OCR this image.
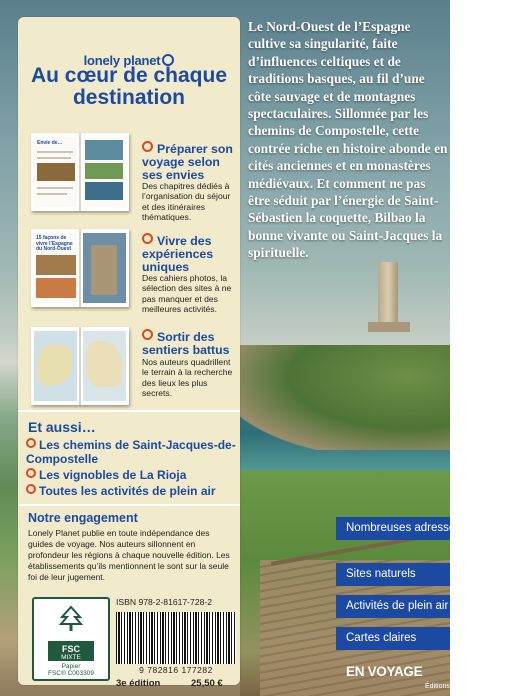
Le Nord-Ouest de l’Espagne cultive sa singularité, faite d’influences celtiques et de traditions basques, au fil d’une côte sauvage et de montagnes spectaculaires. Sillonnée par les chemins de Compostelle, cette contrée riche en histoire abonde en cités anciennes et en monastères médiévaux. Et comment ne pas être séduit par l’énergie de Saint-Sébastien la coquette, Bilbao la bonne vivante ou Saint-Jacques la spirituelle.

lonely planet
Au cœur de chaque destination
Envie de…	Préparer son voyage selon ses envies
Des chapitres dédiés à l’organisation du séjour et des itinéraires thématiques.
15 façons de vivre l’Espagne du Nord-Ouest
Vivre des expériences uniques
Des cahiers photos, la sélection des sites à ne pas manquer et des meilleures activités.
Sortir des sentiers battus
Nos auteurs quadrillent le terrain à la recherche des lieux les plus secrets.
Et aussi…
Les chemins de Saint-Jacques-de-Compostelle
Les vignobles de La Rioja
Toutes les activités de plein air
Notre engagement
Lonely Planet publie en toute indépendance des guides de voyage. Nos auteurs sillonnent en profondeur les régions à chaque nouvelle édition. Les établissements qu’ils mentionnent le sont sur la seule foi de leur jugement.
FSC
MIXTE
Papier
FSC® C003309
ISBN 978-2-81617-728-2
9 782816 177282
3e édition	25,50 €
Nombreuses adresses exclusives
Sites naturels
Activités de plein air
Cartes claires
EN VOYAGE
Éditions
